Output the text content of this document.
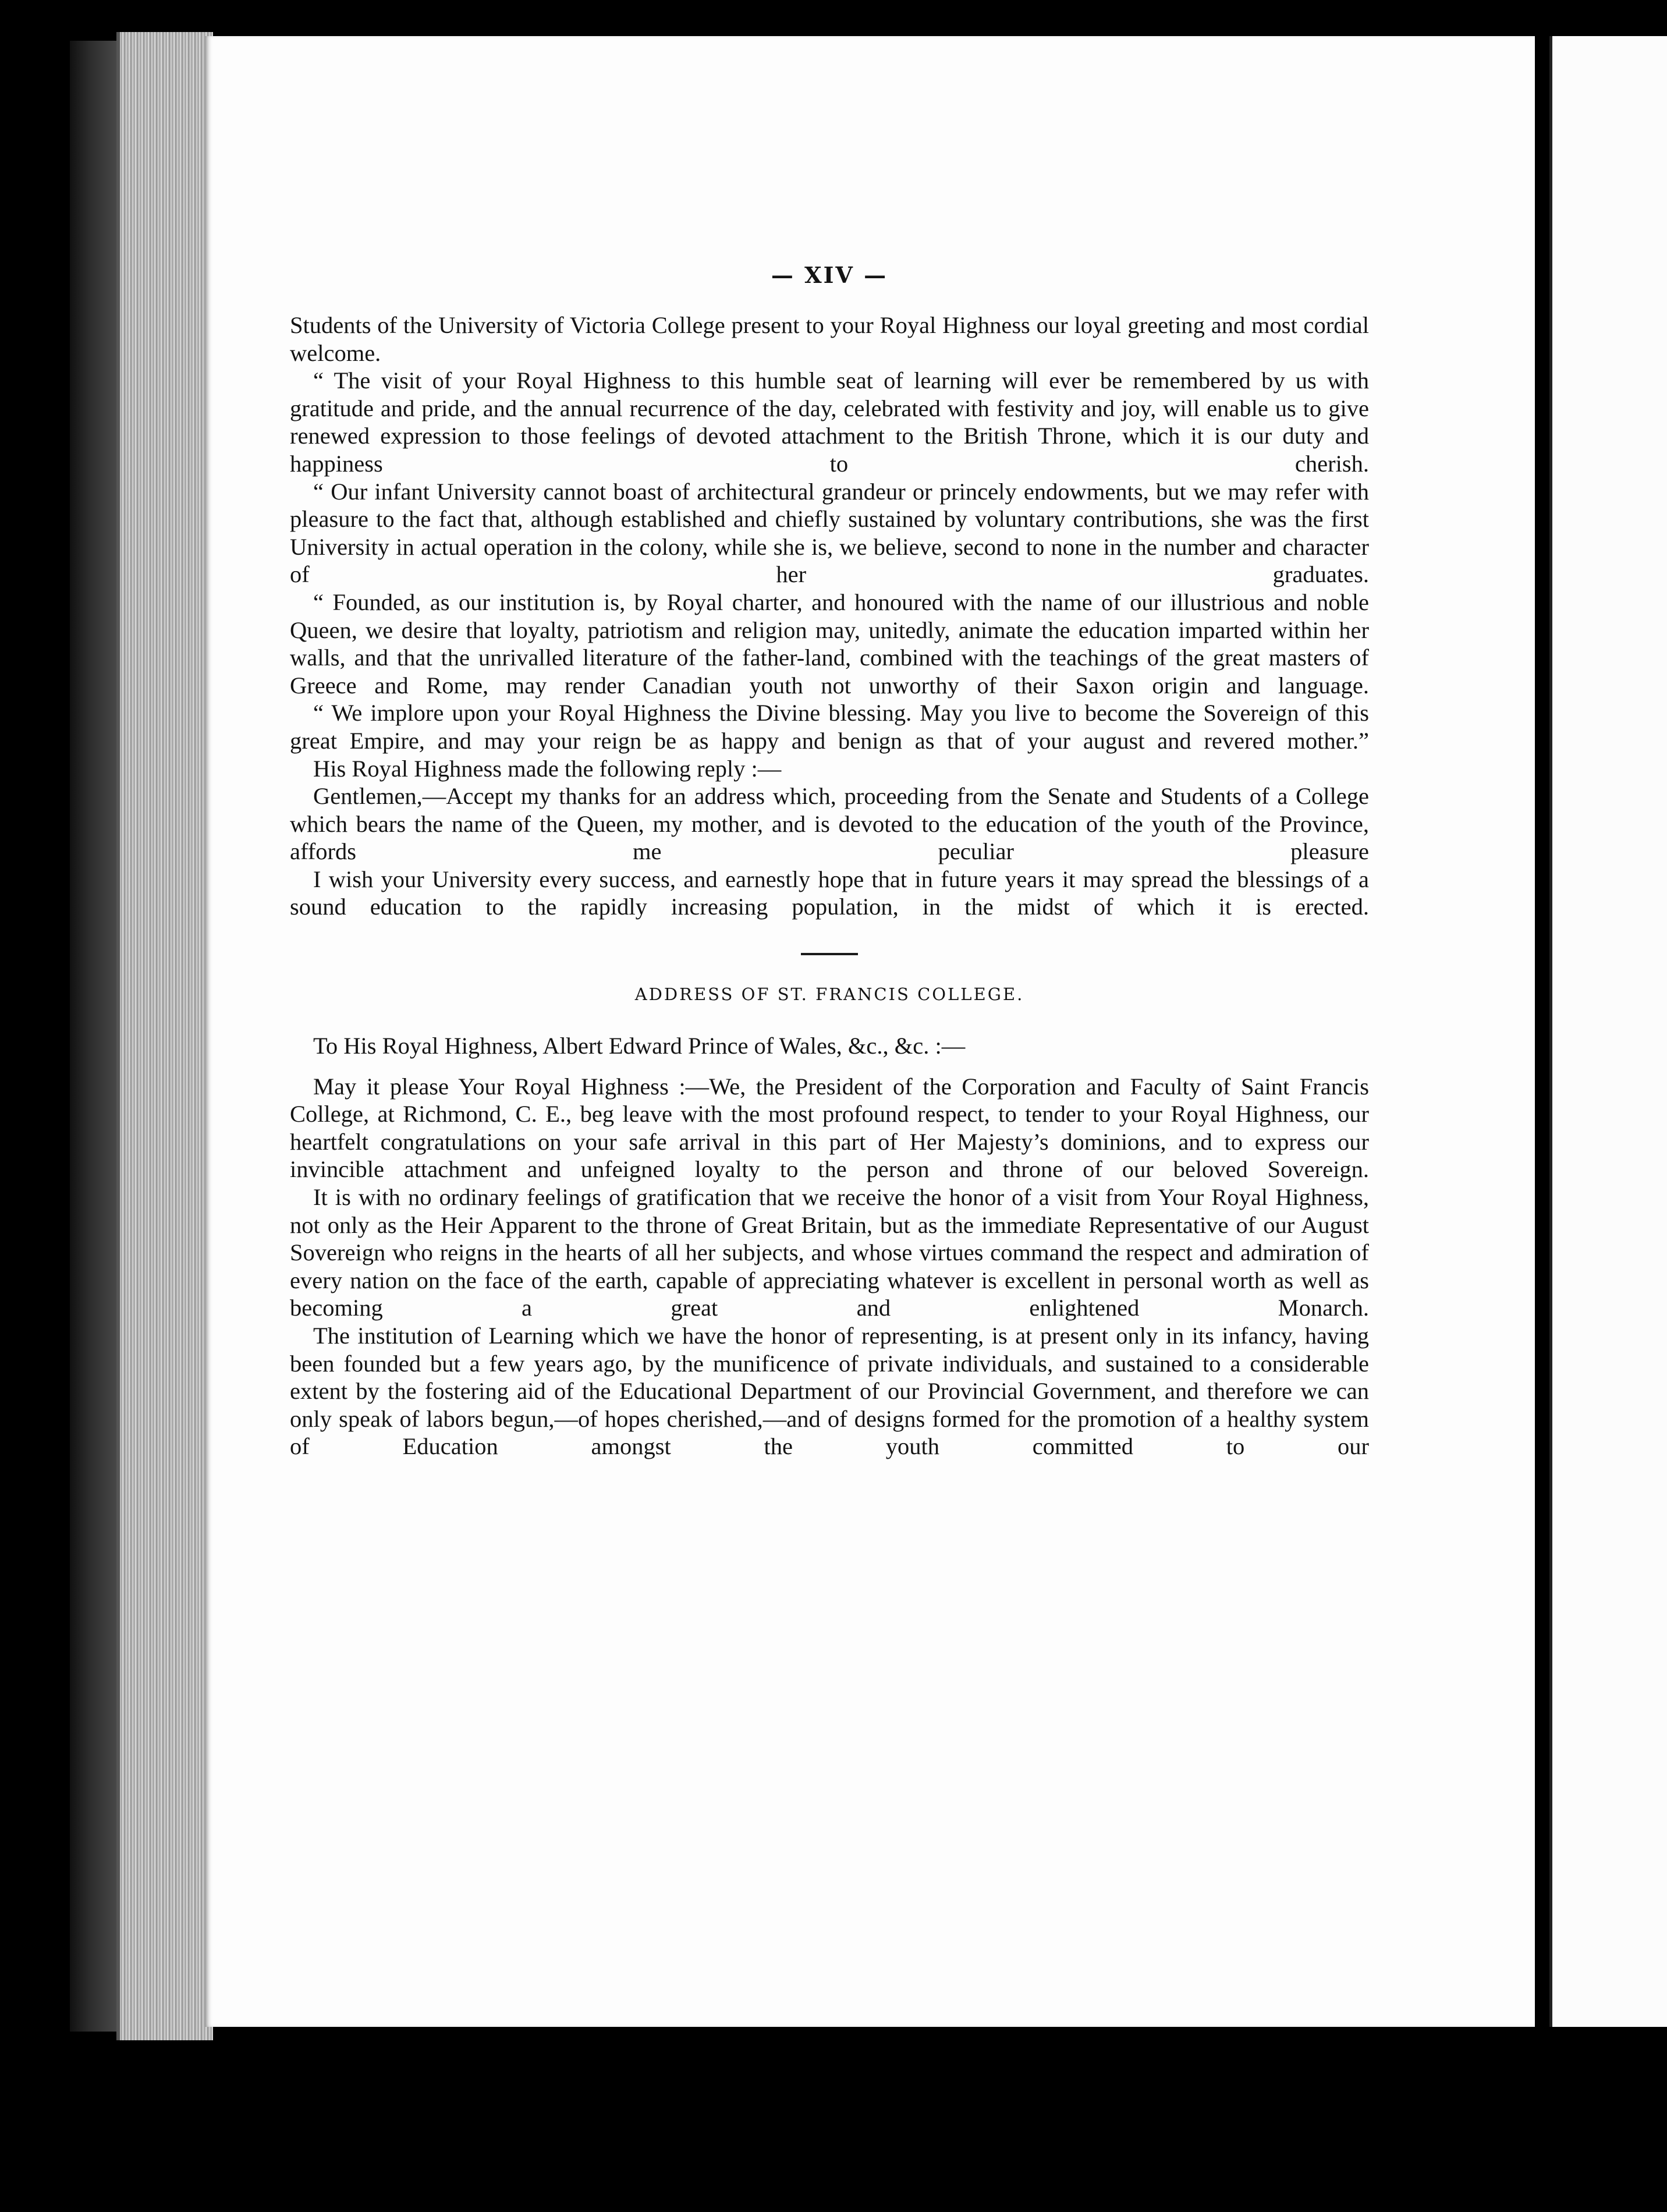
— XIV —

Students of the University of Victoria College present to your Royal Highness our loyal greeting and most cordial welcome.

“ The visit of your Royal Highness to this humble seat of learning will ever be remembered by us with gratitude and pride, and the annual recurrence of the day, celebrated with festivity and joy, will enable us to give renewed expression to those feelings of devoted attachment to the British Throne, which it is our duty and happiness to cherish.

“ Our infant University cannot boast of architectural grandeur or princely endowments, but we may refer with pleasure to the fact that, although established and chiefly sustained by voluntary contributions, she was the first University in actual operation in the colony, while she is, we believe, second to none in the number and character of her graduates.

“ Founded, as our institution is, by Royal charter, and honoured with the name of our illustrious and noble Queen, we desire that loyalty, patriotism and religion may, unitedly, animate the education imparted within her walls, and that the unrivalled literature of the father-land, combined with the teachings of the great masters of Greece and Rome, may render Canadian youth not unworthy of their Saxon origin and language.

“ We implore upon your Royal Highness the Divine blessing. May you live to become the Sovereign of this great Empire, and may your reign be as happy and benign as that of your august and revered mother.”

His Royal Highness made the following reply :—

Gentlemen,—Accept my thanks for an address which, proceeding from the Senate and Students of a College which bears the name of the Queen, my mother, and is devoted to the education of the youth of the Province, affords me peculiar pleasure

I wish your University every success, and earnestly hope that in future years it may spread the blessings of a sound education to the rapidly increasing population, in the midst of which it is erected.

ADDRESS OF ST. FRANCIS COLLEGE.
To His Royal Highness, Albert Edward Prince of Wales, &c., &c. :—

May it please Your Royal Highness :—We, the President of the Corporation and Faculty of Saint Francis College, at Richmond, C. E., beg leave with the most profound respect, to tender to your Royal Highness, our heartfelt congratulations on your safe arrival in this part of Her Majesty’s dominions, and to express our invincible attachment and unfeigned loyalty to the person and throne of our beloved Sovereign.

It is with no ordinary feelings of gratification that we receive the honor of a visit from Your Royal Highness, not only as the Heir Apparent to the throne of Great Britain, but as the immediate Representative of our August Sovereign who reigns in the hearts of all her subjects, and whose virtues command the respect and admiration of every nation on the face of the earth, capable of appreciating whatever is excellent in personal worth as well as becoming a great and enlightened Monarch.

The institution of Learning which we have the honor of representing, is at present only in its infancy, having been founded but a few years ago, by the munificence of private individuals, and sustained to a considerable extent by the fostering aid of the Educational Department of our Provincial Government, and therefore we can only speak of labors begun,—of hopes cherished,—and of designs formed for the promotion of a healthy system of Education amongst the youth committed to our
